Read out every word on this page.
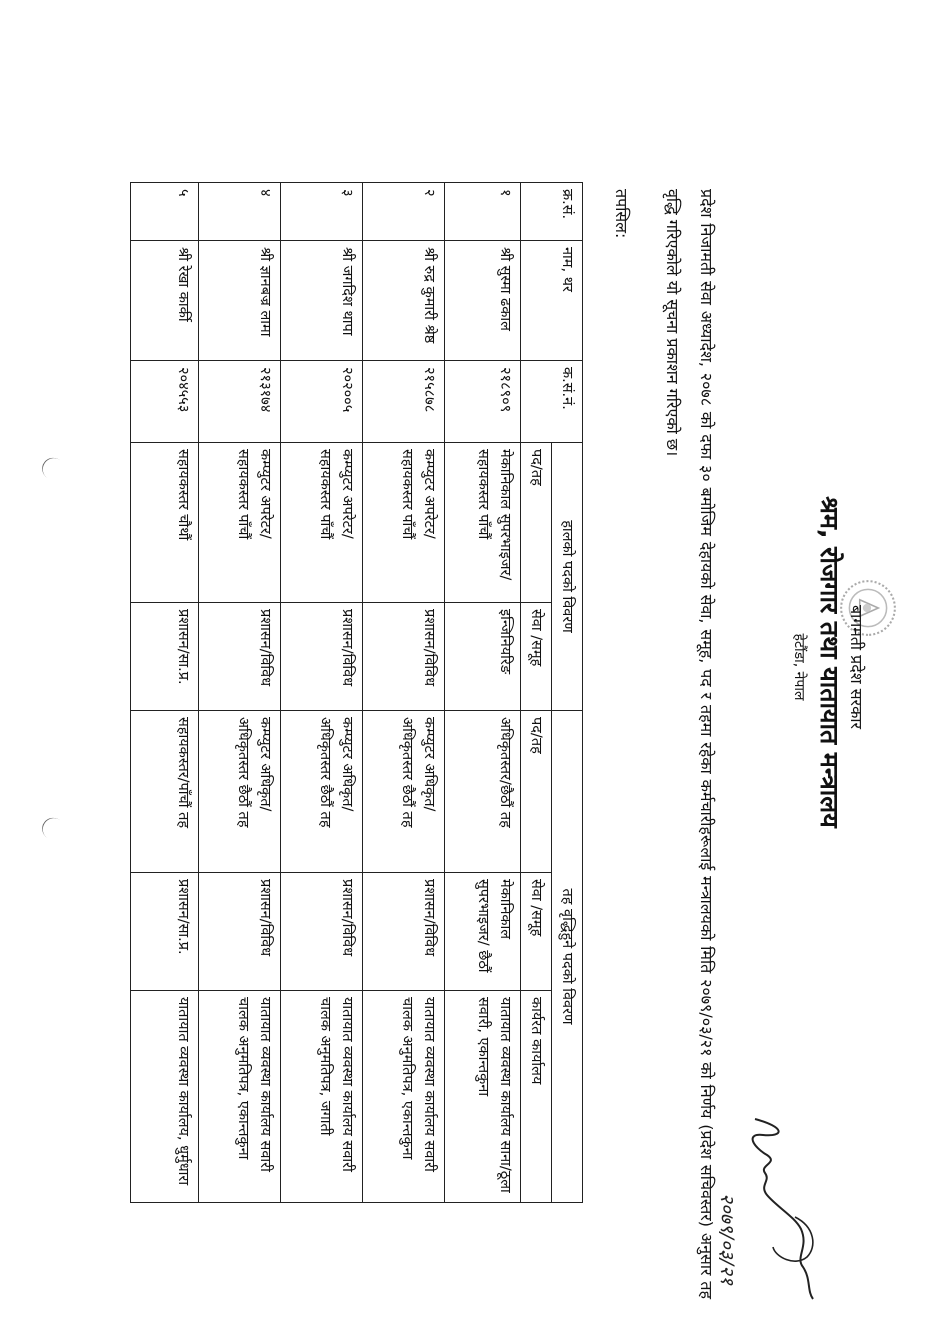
बागमती प्रदेश सरकार
श्रम, रोजगार तथा यातायात मन्त्रालय
हेटौंडा, नेपाल
प्रदेश निजामती सेवा अध्यादेश, २०७८ को दफा ३० बमोजिम देहायको सेवा, समूह, पद र तहमा रहेका कर्मचारीहरूलाई मन्त्रालयको मिति २०७९/०३/२१ को निर्णय (प्रदेश सचिवस्तर) अनुसार तह वृद्धि गरिएकोले यो सूचना प्रकाशन गरिएको छ।
तपसिल:
क्र.सं.	नाम, थर	क.सं.नं.	हालको पदको विवरण		तह वृद्धिहुने पदको विवरण		
			पद/तह	सेवा /समूह	पद/तह	सेवा /समूह	कार्यरत कार्यालय
१	श्री सुस्मा ढकाल	२१८९०९	मेकानिकाल सुपरभाइजर/ सहायकस्तर पाँचौं	इन्जिनियरिङ	अधिकृतस्तर/छैठौं तह	मेकानिकाल सुपरभाइजर/ छैठौं	यातायात व्यवस्था कार्यालय साना/ठूला सवारी, एकान्तकुना
२	श्री रुद्र कुमारी श्रेष्ठ	२१५८७८	कम्प्युटर अपरेटर/ सहायकस्तर पाँचौं	प्रशासन/विविध	कम्प्युटर अधिकृत/अधिकृतस्तर छैठौं तह	प्रशासन/विविध	यातायात व्यवस्था कार्यालय सवारी चालक अनुमतिपत्र, एकान्तकुना
३	श्री जगदिश थापा	२०२००५	कम्प्युटर अपरेटर/सहायकस्तर पाँचौं	प्रशासन/विविध	कम्प्युटर अधिकृत/अधिकृतस्तर छैठौं तह	प्रशासन/विविध	यातायात व्यवस्था कार्यालय सवारी चालक अनुमतिपत्र, जगाती
४	श्री ज्ञानबज्र लामा	२१३१७४	कम्प्युटर अपरेटर/सहायकस्तर पाँचौं	प्रशासन/विविध	कम्प्युटर अधिकृत/अधिकृतस्तर छैठौं तह	प्रशासन/विविध	यातायात व्यवस्था कार्यालय सवारी चालक अनुमतिपत्र, एकान्तकुना
५	श्री रेखा कार्की	२०४५५३	सहायकस्तर चौथौं	प्रशासन/सा.प्र.	सहायकस्तर/पाँचौं तह	प्रशासन/सा.प्र.	यातायात व्यवस्था कार्यालय, धुर्मुधारा
२०७९/०३/२१
